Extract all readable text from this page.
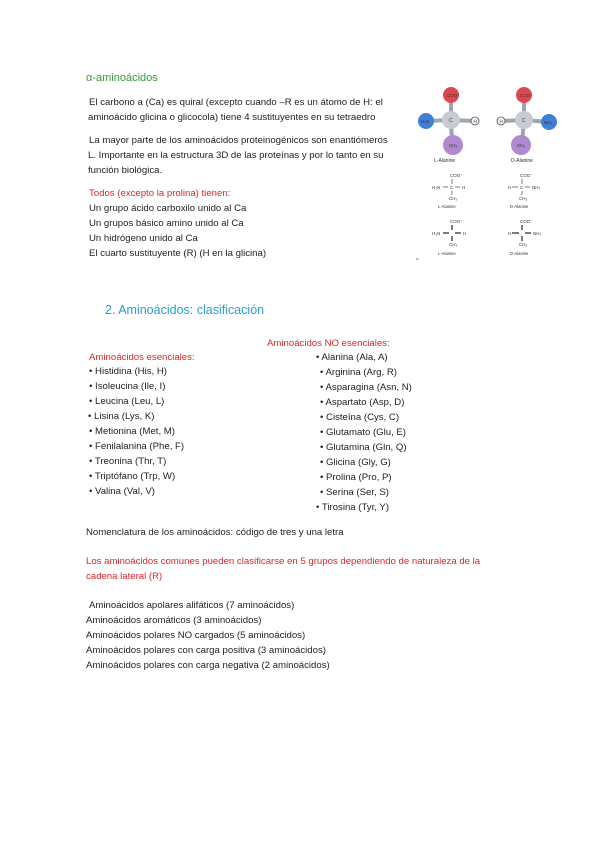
α-aminoácidos
El carbono a (Ca) es quiral (excepto cuando –R es un átomo de H: el
aminoácido glicina o glicocola) tiene 4 sustituyentes en su tetraedro
La mayor parte de los aminoácidos proteinogénicos son enantiómeros
L. Importante en la estructura 3D de las proteínas y por lo tanto en su
función biológica.
Todos (excepto la prolina) tienen:
Un grupo ácido carboxilo unido al Ca
Un grupos básico amino unido al Ca
Un hidrógeno unido al Ca
El cuarto sustituyente (R) (H en la glicina)
COO⁻
H₃N	C	H
CH₃
L-Alanine
COO⁻
H	C	NH₃
CH₃
D-Alanine
COO⁻
H₃N C H
CH₃
L-Alanine
COO⁻
H C NH₃
CH₃
D-Alanine
COO⁻
H₃N	H
CH₃
L-Alanine
COO⁻
H	NH₃
CH₃
D-Alanine
••
2. Aminoácidos: clasificación
Aminoácidos NO esenciales:
Aminoácidos esenciales:
• Histidina (His, H)
• Isoleucina (Ile, I)
• Leucina (Leu, L)
• Lisina (Lys, K)
• Metionina (Met, M)
• Fenilalanina (Phe, F)
• Treonina (Thr, T)
• Triptófano (Trp, W)
• Valina (Val, V)
• Alanina (Ala, A)
• Arginina (Arg, R)
• Asparagina (Asn, N)
• Aspartato (Asp, D)
• Cisteína (Cys, C)
• Glutamato (Glu, E)
• Glutamina (Gln, Q)
• Glicina (Gly, G)
• Prolina (Pro, P)
• Serina (Ser, S)
• Tirosina (Tyr, Y)
Nomenclatura de los aminoácidos: código de tres y una letra
Los aminoácidos comunes pueden clasificarse en 5 grupos dependiendo de naturaleza de la cadena lateral (R)
Aminoácidos apolares alifáticos (7 aminoácidos)
Aminoácidos aromáticos (3 aminoácidos)
Aminoácidos polares NO cargados (5 aminoácidos)
Aminoácidos polares con carga positiva (3 aminoácidos)
Aminoácidos polares con carga negativa (2 aminoácidos)
